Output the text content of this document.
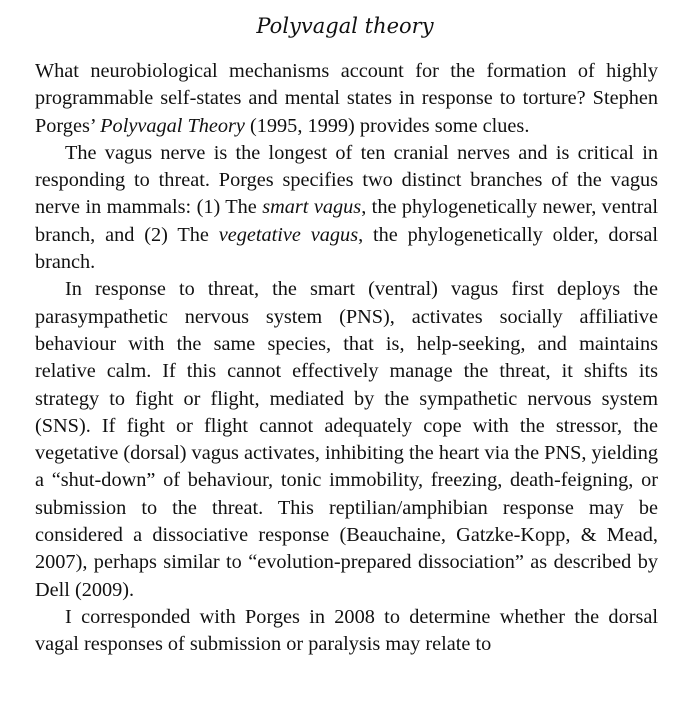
Polyvagal theory

What neurobiological mechanisms account for the formation of highly programmable self-states and mental states in response to torture? Stephen Porges’ Polyvagal Theory (1995, 1999) provides some clues.

The vagus nerve is the longest of ten cranial nerves and is critical in responding to threat. Porges specifies two distinct branches of the vagus nerve in mammals: (1) The smart vagus, the phylogenetically newer, ventral branch, and (2) The vegetative vagus, the phylogenetically older, dorsal branch.

In response to threat, the smart (ventral) vagus first deploys the parasympathetic nervous system (PNS), activates socially affiliative behaviour with the same species, that is, help-seeking, and maintains relative calm. If this cannot effectively manage the threat, it shifts its strategy to fight or flight, mediated by the sympathetic nervous system (SNS). If fight or flight cannot adequately cope with the stressor, the vegetative (dorsal) vagus activates, inhibiting the heart via the PNS, yielding a “shut-down” of behaviour, tonic immobility, freezing, death-feigning, or submission to the threat. This reptilian/amphibian response may be considered a dissociative response (Beauchaine, Gatzke-Kopp, & Mead, 2007), perhaps similar to “evolution-prepared dissociation” as described by Dell (2009).

I corresponded with Porges in 2008 to determine whether the dorsal vagal responses of submission or paralysis may relate to
